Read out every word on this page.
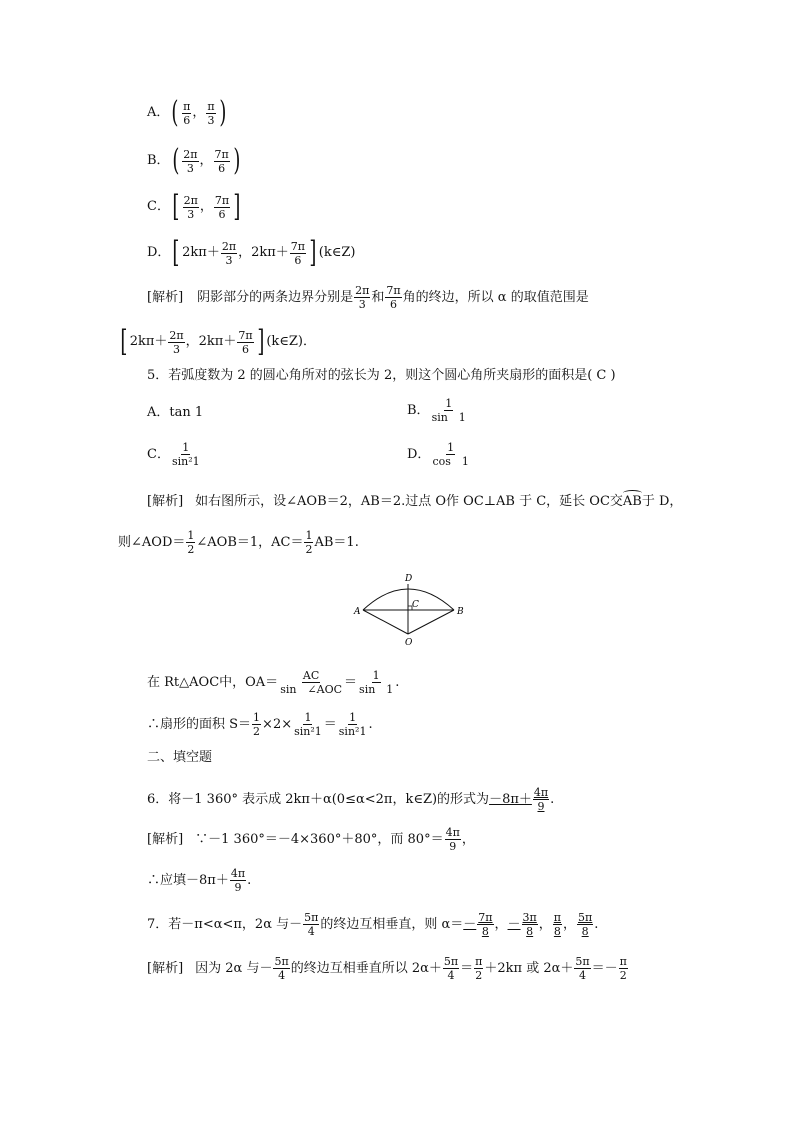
A． ( $\frac{\pi}{6}$ ， $\frac{\pi}{3}$ )
B． ( $\frac{2\pi}{3}$ ， $\frac{7\pi}{6}$ )
C． [ $\frac{2\pi}{3}$ ， $\frac{7\pi}{6}$ ]
D． [ $2k\pi+ \frac{2\pi}{3}$ ，$2k\pi+ \frac{7\pi}{6}$ ] (k∈Z)
[解析] 阴影部分的两条边界分别是 $\frac{2\pi}{3}$ 和 $\frac{7\pi}{6}$ 角的终边，所以 α 的取值范围是
[ $2k\pi+ \frac{2\pi}{3}$ ，$2k\pi+ \frac{7\pi}{6}$ ] (k∈Z)．
5．若弧度数为 2 的圆心角所对的弦长为 2，则这个圆心角所夹扇形的面积是( C )
A．tan 1	B． $\frac{1}{\sin 1}$
C． $\frac{1}{\text{sin²1}}$	D． $\frac{1}{\cos 1}$
[解析] 如右图所示，设∠AOB＝2，AB＝2.过点 O作 OC⊥AB 于 C，延长 OC交 AB 于 D，
则∠AOD＝ $\frac{1}{2}$ ∠AOB＝1，$AC= \frac{1}{2} AB=1$.
A	B
C
D
O
在 Rt△AOC中，$OA= \frac{AC}{\text{sin　∠AOC}} = \frac{1}{\sin 1}$ .
∴扇形的面积 $S= \frac{1}{2} \times 2\times \frac{1}{\text{sin²1}} = \frac{1}{\text{sin²1}}$ .
二、填空题
6．将－1 360° 表示成 2kπ＋α(0≤α<2π，k∈Z)的形式为 $-8\pi+ \frac{4\pi}{9}$ .
[解析] ∵－1 360°＝－4×360°＋80°，而 $80^\circ= \frac{4\pi}{9}$ ，
∴应填$-8\pi+ \frac{4\pi}{9}$ .
7．若－π<α<π，2α 与－ $\frac{5\pi}{4}$ 的终边互相垂直，则 $\alpha= - \frac{7\pi}{8}$ ， － $\frac{3\pi}{8}$ ， $\frac{\pi}{8}$ ， $\frac{5\pi}{8}$ .
[解析] 因为 2α 与－ $\frac{5\pi}{4}$ 的终边互相垂直所以 $2\alpha+ \frac{5\pi}{4} = \frac{\pi}{2} +2k\pi$ 或 $2\alpha+ \frac{5\pi}{4} =- \frac{\pi}{2}$
